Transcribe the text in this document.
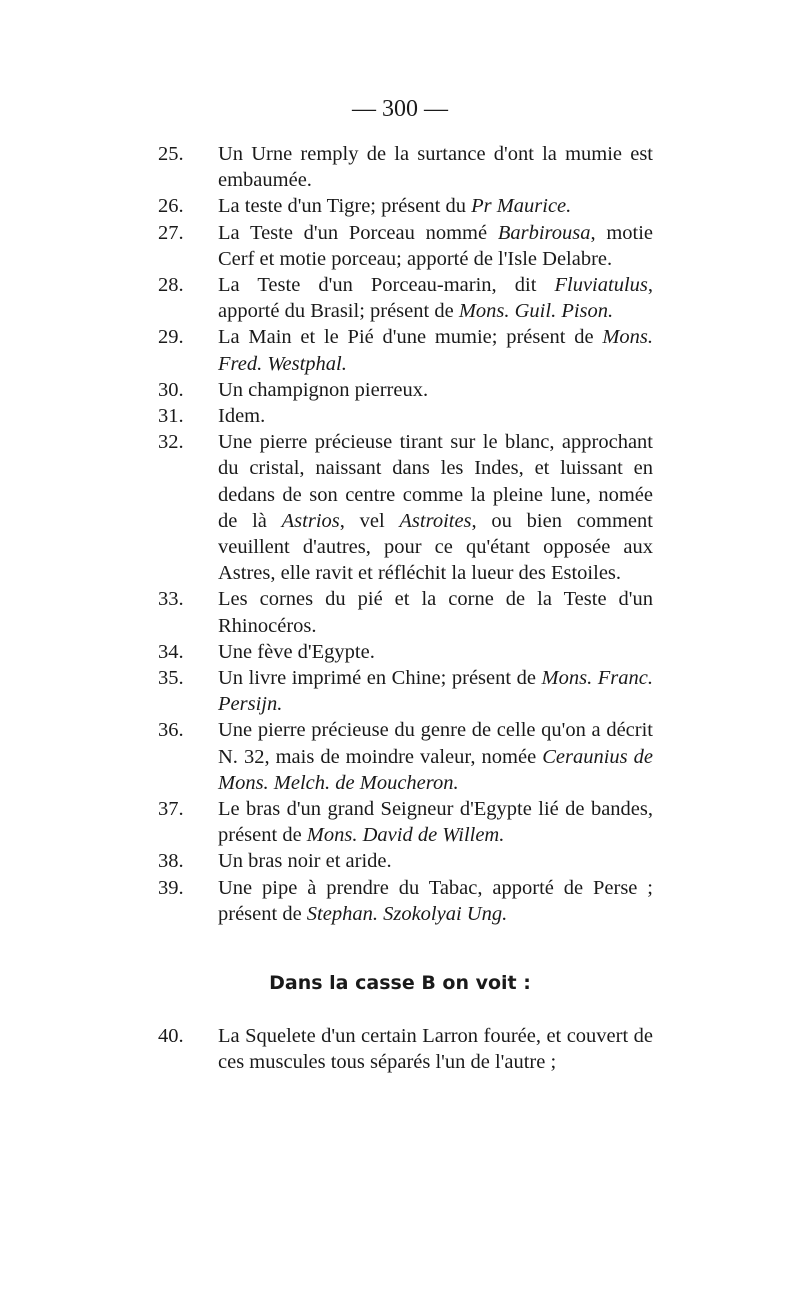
— 300 —
25. Un Urne remply de la surtance d'ont la mumie est embaumée.
26. La teste d'un Tigre; présent du Pr Maurice.
27. La Teste d'un Porceau nommé Barbirousa, motie Cerf et motie porceau; apporté de l'Isle Delabre.
28. La Teste d'un Porceau-marin, dit Fluviatulus, apporté du Brasil; présent de Mons. Guil. Pison.
29. La Main et le Pié d'une mumie; présent de Mons. Fred. Westphal.
30. Un champignon pierreux.
31. Idem.
32. Une pierre précieuse tirant sur le blanc, approchant du cristal, naissant dans les Indes, et luissant en dedans de son centre comme la pleine lune, nomée de là Astrios, vel Astroites, ou bien comment veuillent d'autres, pour ce qu'étant opposée aux Astres, elle ravit et réfléchit la lueur des Estoiles.
33. Les cornes du pié et la corne de la Teste d'un Rhinocéros.
34. Une fève d'Egypte.
35. Un livre imprimé en Chine; présent de Mons. Franc. Persijn.
36. Une pierre précieuse du genre de celle qu'on a décrit N. 32, mais de moindre valeur, nomée Ceraunius de Mons. Melch. de Moucheron.
37. Le bras d'un grand Seigneur d'Egypte lié de bandes, présent de Mons. David de Willem.
38. Un bras noir et aride.
39. Une pipe à prendre du Tabac, apporté de Perse ; présent de Stephan. Szokolyai Ung.
Dans la casse B on voit :
40. La Squelete d'un certain Larron fourée, et couvert de ces muscules tous séparés l'un de l'autre ;
